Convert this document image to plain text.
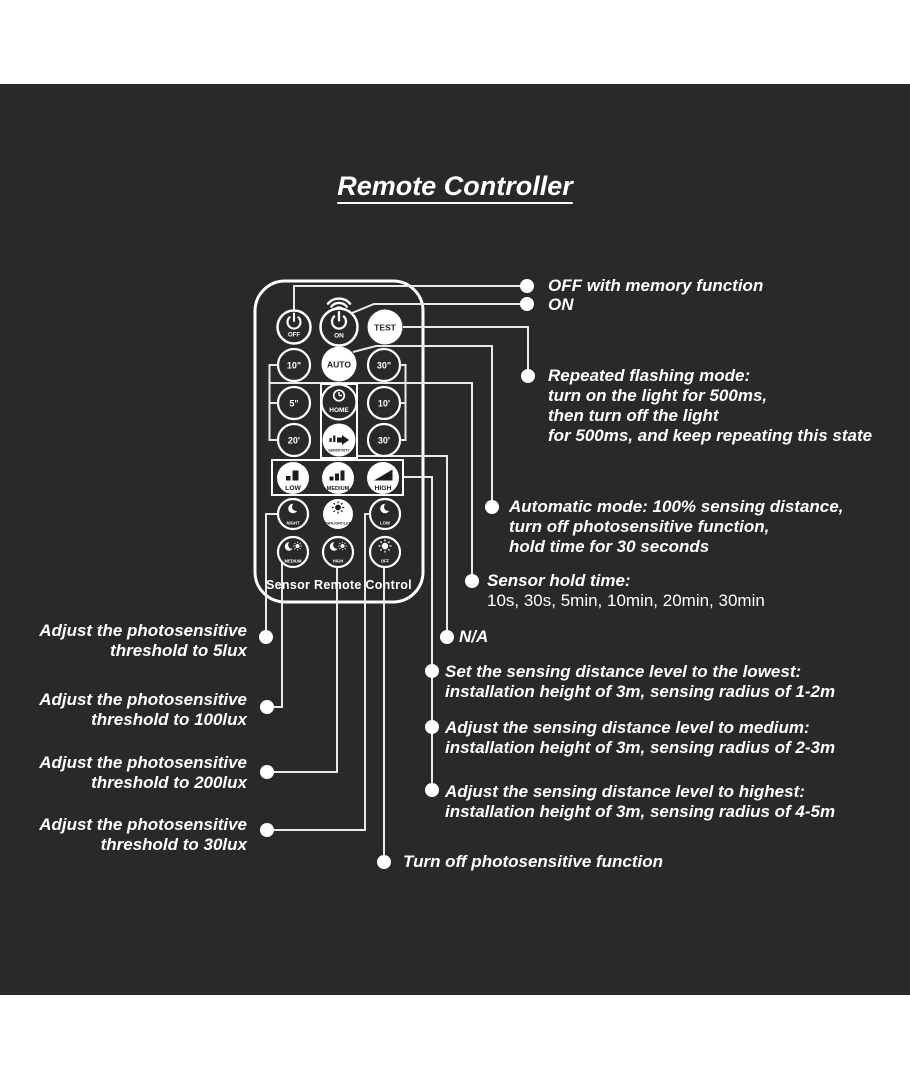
Remote Controller
OFF	ON
TEST
10"	AUTO	30"
5"
HOME
10'
20'
SENSITIVITY
30'
LOW	MEDIUM	HIGH
NIGHT	DAYLIGHT/LUX	LOW
MEDIUM	HIGH	OFF
Sensor Remote Control
OFF with memory function
ON
Repeated flashing mode:
turn on the light for 500ms,
then turn off the light
for 500ms, and keep repeating this state
Automatic mode: 100% sensing distance,
turn off photosensitive function,
hold time for 30 seconds
Sensor hold time:
10s, 30s, 5min, 10min, 20min, 30min
N/A
Set the sensing distance level to the lowest:
installation height of 3m, sensing radius of 1-2m
Adjust the sensing distance level to medium:
installation height of 3m, sensing radius of 2-3m
Adjust the sensing distance level to highest:
installation height of 3m, sensing radius of 4-5m
Adjust the photosensitive
threshold to 5lux
Adjust the photosensitive
threshold to 100lux
Adjust the photosensitive
threshold to 200lux
Adjust the photosensitive
threshold to 30lux
Turn off photosensitive function
